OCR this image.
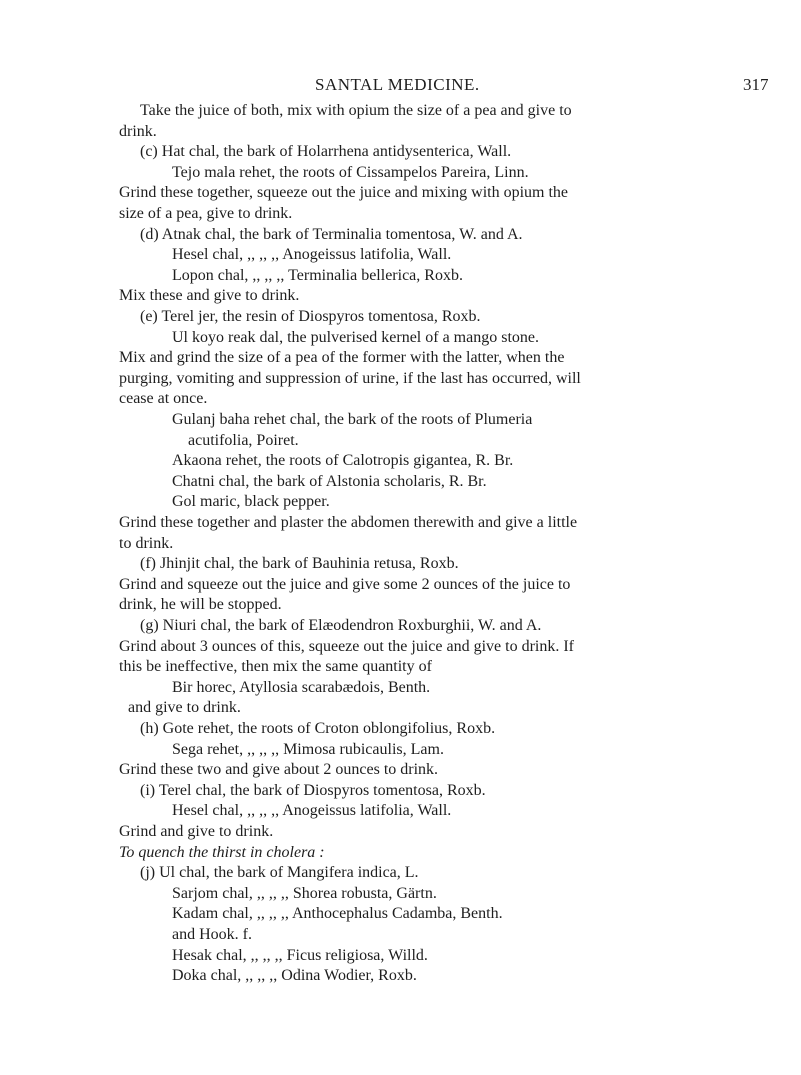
SANTAL MEDICINE.	317
Take the juice of both, mix with opium the size of a pea and give to
drink.
(c) Hat chal, the bark of Holarrhena antidysenterica, Wall.
Tejo mala rehet, the roots of Cissampelos Pareira, Linn.
Grind these together, squeeze out the juice and mixing with opium the
size of a pea, give to drink.
(d) Atnak chal, the bark of Terminalia tomentosa, W. and A.
Hesel chal, ,, ,, ,, Anogeissus latifolia, Wall.
Lopon chal, ,, ,, ,, Terminalia bellerica, Roxb.
Mix these and give to drink.
(e) Terel jer, the resin of Diospyros tomentosa, Roxb.
Ul koyo reak dal, the pulverised kernel of a mango stone.
Mix and grind the size of a pea of the former with the latter, when the
purging, vomiting and suppression of urine, if the last has occurred, will
cease at once.
Gulanj baha rehet chal, the bark of the roots of Plumeria
acutifolia, Poiret.
Akaona rehet, the roots of Calotropis gigantea, R. Br.
Chatni chal, the bark of Alstonia scholaris, R. Br.
Gol maric, black pepper.
Grind these together and plaster the abdomen therewith and give a little
to drink.
(f) Jhinjit chal, the bark of Bauhinia retusa, Roxb.
Grind and squeeze out the juice and give some 2 ounces of the juice to
drink, he will be stopped.
(g) Niuri chal, the bark of Elæodendron Roxburghii, W. and A.
Grind about 3 ounces of this, squeeze out the juice and give to drink. If
this be ineffective, then mix the same quantity of
Bir horec, Atyllosia scarabædois, Benth.
and give to drink.
(h) Gote rehet, the roots of Croton oblongifolius, Roxb.
Sega rehet, ,, ,, ,, Mimosa rubicaulis, Lam.
Grind these two and give about 2 ounces to drink.
(i) Terel chal, the bark of Diospyros tomentosa, Roxb.
Hesel chal, ,, ,, ,, Anogeissus latifolia, Wall.
Grind and give to drink.
To quench the thirst in cholera :
(j) Ul chal, the bark of Mangifera indica, L.
Sarjom chal, ,, ,, ,, Shorea robusta, Gärtn.
Kadam chal, ,, ,, ,, Anthocephalus Cadamba, Benth.
and Hook. f.
Hesak chal, ,, ,, ,, Ficus religiosa, Willd.
Doka chal, ,, ,, ,, Odina Wodier, Roxb.
